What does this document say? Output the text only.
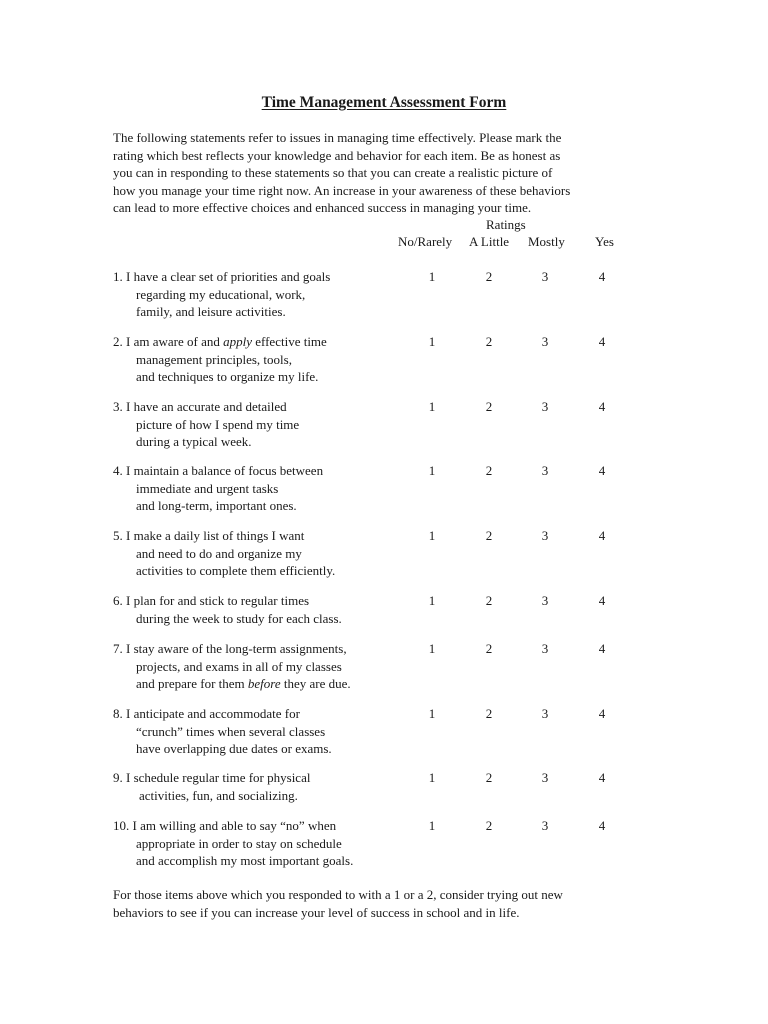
Time Management Assessment Form
The following statements refer to issues in managing time effectively. Please mark the
rating which best reflects your knowledge and behavior for each item. Be as honest as
you can in responding to these statements so that you can create a realistic picture of
how you manage your time right now. An increase in your awareness of these behaviors
can lead to more effective choices and enhanced success in managing your time.
Ratings
No/Rarely A Little Mostly Yes
1. I have a clear set of priorities and goals
regarding my educational, work,
family, and leisure activities.
1	2	3	4
2. I am aware of and apply effective time
management principles, tools,
and techniques to organize my life.
1	2	3	4
3. I have an accurate and detailed
picture of how I spend my time
during a typical week.
1	2	3	4
4. I maintain a balance of focus between
immediate and urgent tasks
and long-term, important ones.
1	2	3	4
5. I make a daily list of things I want
and need to do and organize my
activities to complete them efficiently.
1	2	3	4
6. I plan for and stick to regular times
during the week to study for each class.
1	2	3	4
7. I stay aware of the long-term assignments,
projects, and exams in all of my classes
and prepare for them before they are due.
1	2	3	4
8. I anticipate and accommodate for
“crunch” times when several classes
have overlapping due dates or exams.
1	2	3	4
9. I schedule regular time for physical
activities, fun, and socializing.
1	2	3	4
10. I am willing and able to say “no” when
appropriate in order to stay on schedule
and accomplish my most important goals.
1	2	3	4
For those items above which you responded to with a 1 or a 2, consider trying out new
behaviors to see if you can increase your level of success in school and in life.
